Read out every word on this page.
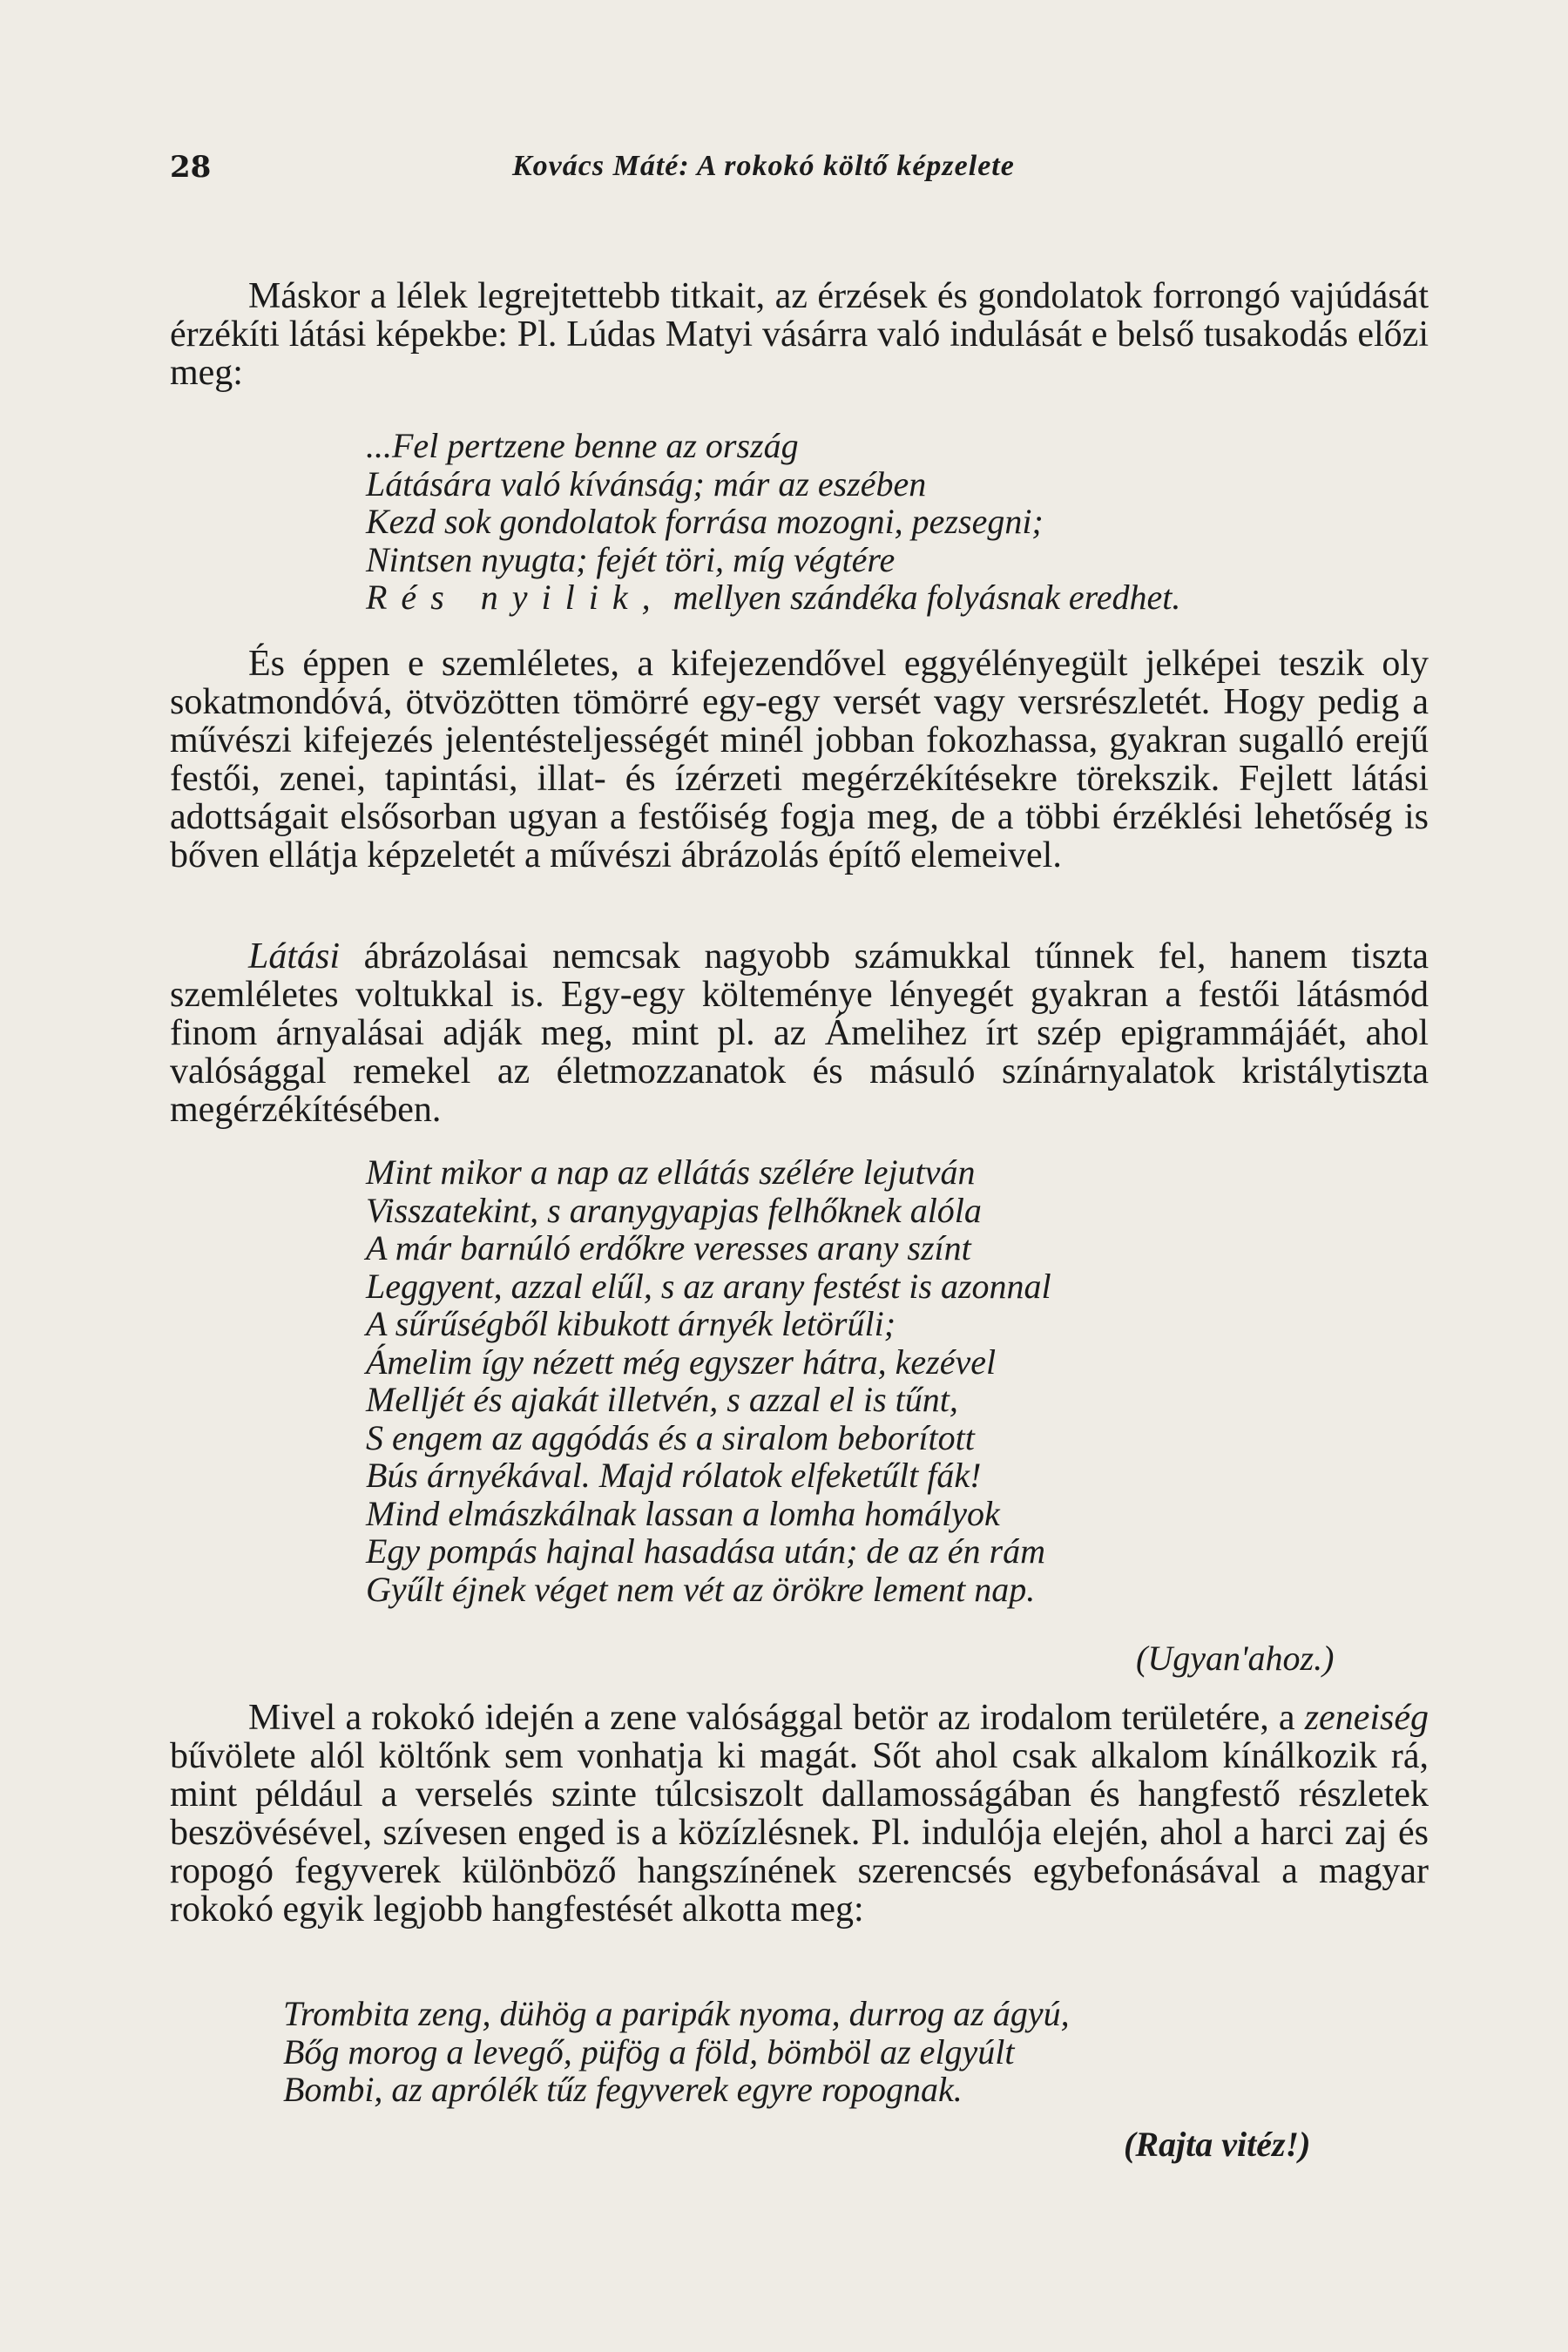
28	Kovács Máté: A rokokó költő képzelete

Máskor a lélek legrejtettebb titkait, az érzések és gondolatok forrongó vajúdását érzékíti látási képekbe: Pl. Lúdas Matyi vásárra való indulását e belső tusakodás előzi meg:

...Fel pertzene benne az ország
Látására való kívánság; már az eszében
Kezd sok gondolatok forrása mozogni, pezsegni;
Nintsen nyugta; fejét töri, míg végtére
Rés nyilik, mellyen szándéka folyásnak eredhet.

És éppen e szemléletes, a kifejezendővel eggyélényegült jelképei teszik oly sokatmondóvá, ötvözötten tömörré egy-egy versét vagy versrészletét. Hogy pedig a művészi kifejezés jelentésteljességét minél jobban fokozhassa, gyakran sugalló erejű festői, zenei, tapintási, illat- és ízérzeti megérzékítésekre törekszik. Fejlett látási adottságait elsősorban ugyan a festőiség fogja meg, de a többi érzéklési lehetőség is bőven ellátja képzeletét a művészi ábrázolás építő elemeivel.

Látási ábrázolásai nemcsak nagyobb számukkal tűnnek fel, hanem tiszta szemléletes voltukkal is. Egy-egy költeménye lényegét gyakran a festői látásmód finom árnyalásai adják meg, mint pl. az Ámelihez írt szép epigrammájáét, ahol valósággal remekel az életmozzanatok és másuló színárnyalatok kristálytiszta megérzékítésében.

Mint mikor a nap az ellátás szélére lejutván
Visszatekint, s aranygyapjas felhőknek alóla
A már barnúló erdőkre veresses arany színt
Leggyent, azzal elűl, s az arany festést is azonnal
A sűrűségből kibukott árnyék letörűli;
Ámelim így nézett még egyszer hátra, kezével
Melljét és ajakát illetvén, s azzal el is tűnt,
S engem az aggódás és a siralom beborított
Bús árnyékával. Majd rólatok elfeketűlt fák!
Mind elmászkálnak lassan a lomha homályok
Egy pompás hajnal hasadása után; de az én rám
Gyűlt éjnek véget nem vét az örökre lement nap.
(Ugyan'ahoz.)

Mivel a rokokó idején a zene valósággal betör az irodalom területére, a zeneiség bűvölete alól költőnk sem vonhatja ki magát. Sőt ahol csak alkalom kínálkozik rá, mint például a verselés szinte túlcsiszolt dallamosságában és hangfestő részletek beszövésével, szívesen enged is a közízlésnek. Pl. indulója elején, ahol a harci zaj és ropogó fegyverek különböző hangszínének szerencsés egybefonásával a magyar rokokó egyik legjobb hangfestését alkotta meg:

Trombita zeng, dühög a paripák nyoma, durrog az ágyú,
Bőg morog a levegő, püfög a föld, bömböl az elgyúlt
Bombi, az aprólék tűz fegyverek egyre ropognak.
(Rajta vitéz!)
